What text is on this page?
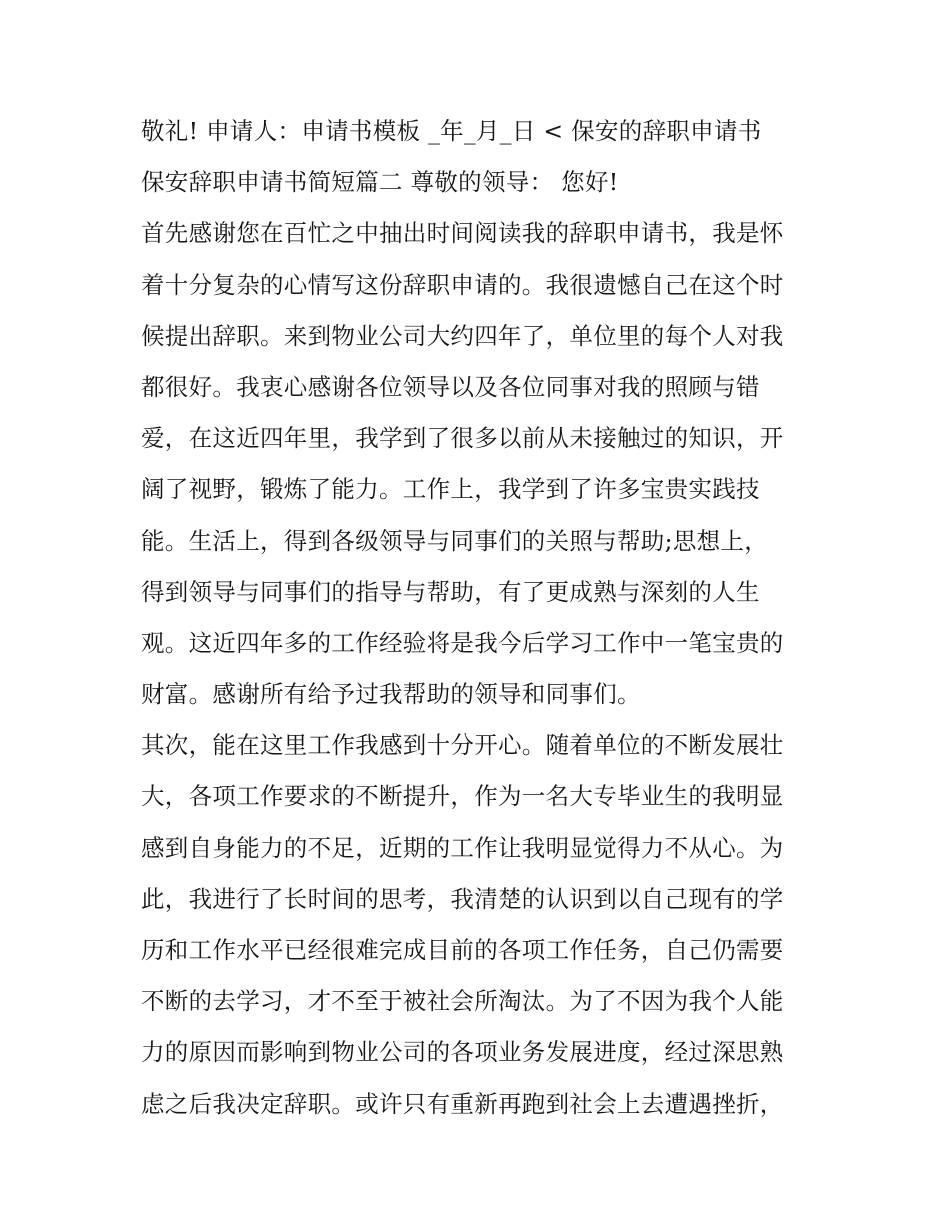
敬礼! 申请人：申请书模板 _年_月_日 < 保安的辞职申请书
保安辞职申请书简短篇二 尊敬的领导： 您好!
首先感谢您在百忙之中抽出时间阅读我的辞职申请书，我是怀
着十分复杂的心情写这份辞职申请的。我很遗憾自己在这个时
候提出辞职。来到物业公司大约四年了，单位里的每个人对我
都很好。我衷心感谢各位领导以及各位同事对我的照顾与错
爱，在这近四年里，我学到了很多以前从未接触过的知识，开
阔了视野，锻炼了能力。工作上，我学到了许多宝贵实践技
能。生活上，得到各级领导与同事们的关照与帮助;思想上，
得到领导与同事们的指导与帮助，有了更成熟与深刻的人生
观。这近四年多的工作经验将是我今后学习工作中一笔宝贵的
财富。感谢所有给予过我帮助的领导和同事们。
其次，能在这里工作我感到十分开心。随着单位的不断发展壮
大，各项工作要求的不断提升，作为一名大专毕业生的我明显
感到自身能力的不足，近期的工作让我明显觉得力不从心。为
此，我进行了长时间的思考，我清楚的认识到以自己现有的学
历和工作水平已经很难完成目前的各项工作任务，自己仍需要
不断的去学习，才不至于被社会所淘汰。为了不因为我个人能
力的原因而影响到物业公司的各项业务发展进度，经过深思熟
虑之后我决定辞职。或许只有重新再跑到社会上去遭遇挫折，
